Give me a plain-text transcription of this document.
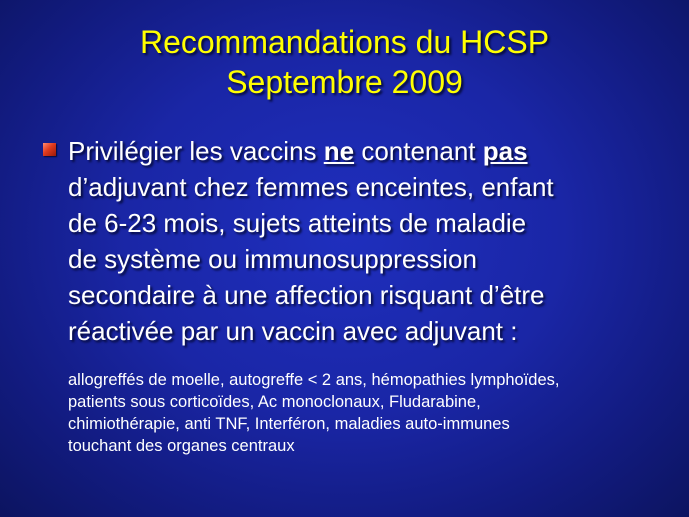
Recommandations du HCSP
Septembre 2009
Privilégier les vaccins ne contenant pas
d’adjuvant chez femmes enceintes, enfant
de 6-23 mois, sujets atteints de maladie
de système ou immunosuppression
secondaire à une affection risquant d’être
réactivée par un vaccin avec adjuvant :
allogreffés de moelle, autogreffe < 2 ans, hémopathies lymphoïdes,
patients sous corticoïdes, Ac monoclonaux, Fludarabine,
chimiothérapie, anti TNF, Interféron, maladies auto-immunes
touchant des organes centraux
